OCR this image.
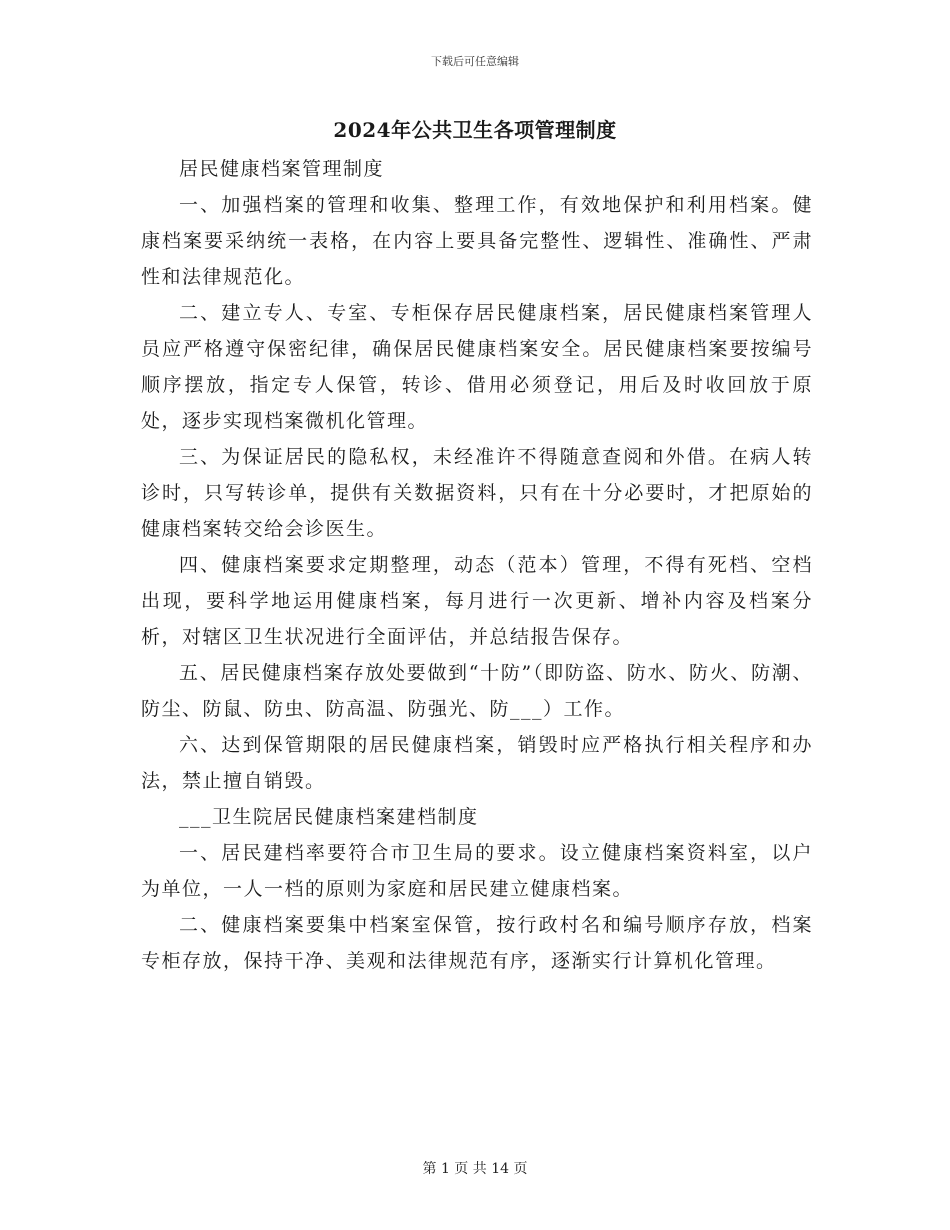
下载后可任意编辑
2024年公共卫生各项管理制度

居民健康档案管理制度

一、加强档案的管理和收集、整理工作，有效地保护和利用档案。健康档案要采纳统一表格，在内容上要具备完整性、逻辑性、准确性、严肃性和法律规范化。

二、建立专人、专室、专柜保存居民健康档案，居民健康档案管理人员应严格遵守保密纪律，确保居民健康档案安全。居民健康档案要按编号顺序摆放，指定专人保管，转诊、借用必须登记，用后及时收回放于原处，逐步实现档案微机化管理。

三、为保证居民的隐私权，未经准许不得随意查阅和外借。在病人转诊时，只写转诊单，提供有关数据资料，只有在十分必要时，才把原始的健康档案转交给会诊医生。

四、健康档案要求定期整理，动态（范本）管理，不得有死档、空档出现，要科学地运用健康档案，每月进行一次更新、增补内容及档案分析，对辖区卫生状况进行全面评估，并总结报告保存。

五、居民健康档案存放处要做到“十防”（即防盗、防水、防火、防潮、防尘、防鼠、防虫、防高温、防强光、防___）工作。

六、达到保管期限的居民健康档案，销毁时应严格执行相关程序和办法，禁止擅自销毁。

___卫生院居民健康档案建档制度

一、居民建档率要符合市卫生局的要求。设立健康档案资料室，以户为单位，一人一档的原则为家庭和居民建立健康档案。

二、健康档案要集中档案室保管，按行政村名和编号顺序存放，档案专柜存放，保持干净、美观和法律规范有序，逐渐实行计算机化管理。

第 1 页 共 14 页
